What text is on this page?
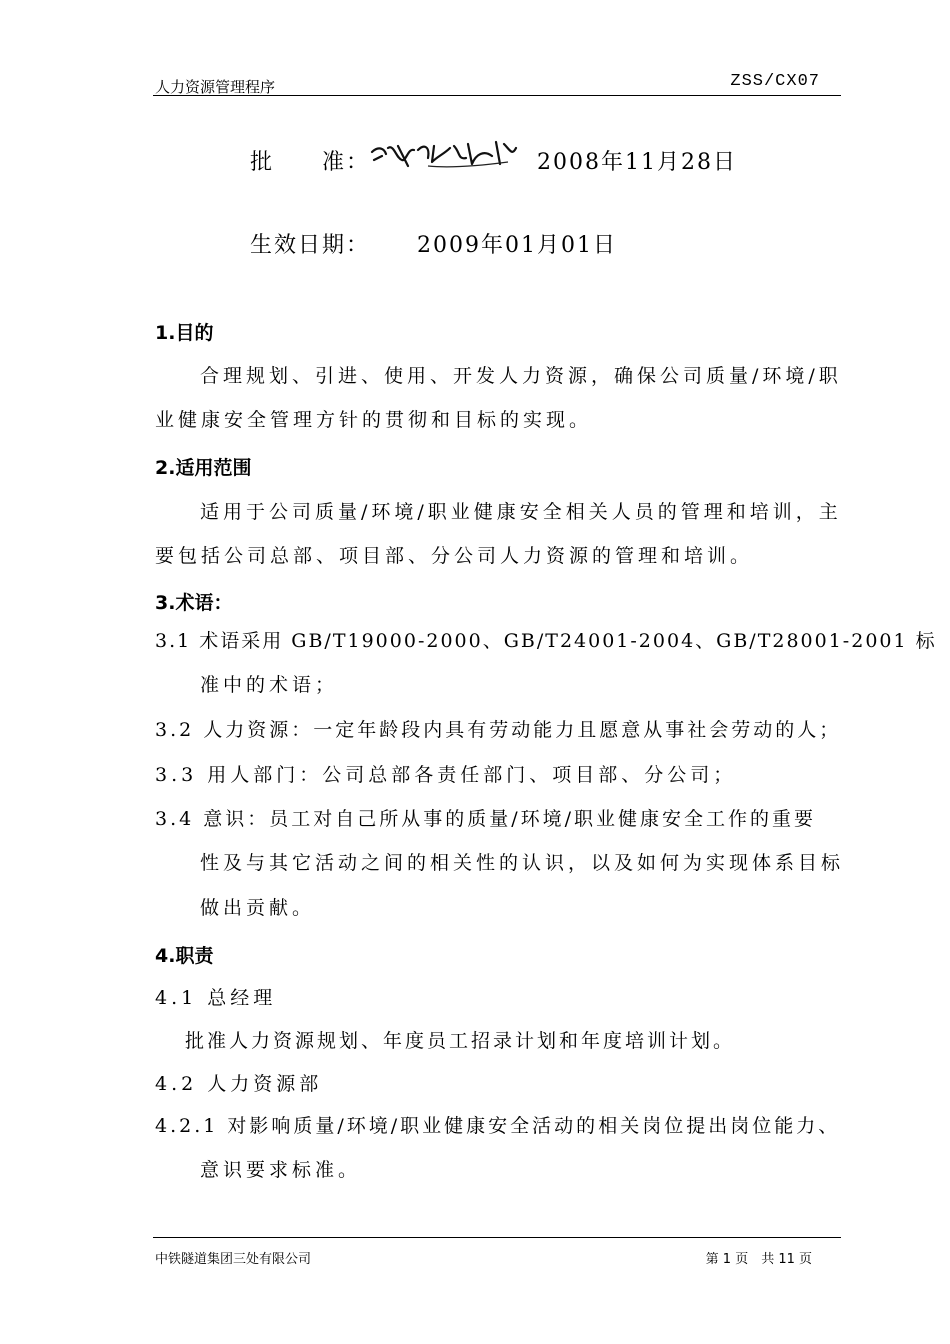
人力资源管理程序	ZSS/CX07
批　　准：	2008年11月28日
生效日期： 2009年01月01日
1.目的
合理规划、引进、使用、开发人力资源，确保公司质量/环境/职
业健康安全管理方针的贯彻和目标的实现。
2.适用范围
适用于公司质量/环境/职业健康安全相关人员的管理和培训，主
要包括公司总部、项目部、分公司人力资源的管理和培训。
3.术语：
3.1 术语采用 GB/T19000-2000、GB/T24001-2004、GB/T28001-2001 标
准中的术语；
3.2 人力资源：一定年龄段内具有劳动能力且愿意从事社会劳动的人；
3.3 用人部门：公司总部各责任部门、项目部、分公司；
3.4 意识：员工对自己所从事的质量/环境/职业健康安全工作的重要
性及与其它活动之间的相关性的认识，以及如何为实现体系目标
做出贡献。
4.职责
4.1 总经理
批准人力资源规划、年度员工招录计划和年度培训计划。
4.2 人力资源部
4.2.1 对影响质量/环境/职业健康安全活动的相关岗位提出岗位能力、
意识要求标准。
中铁隧道集团三处有限公司	第 1 页　共 11 页
